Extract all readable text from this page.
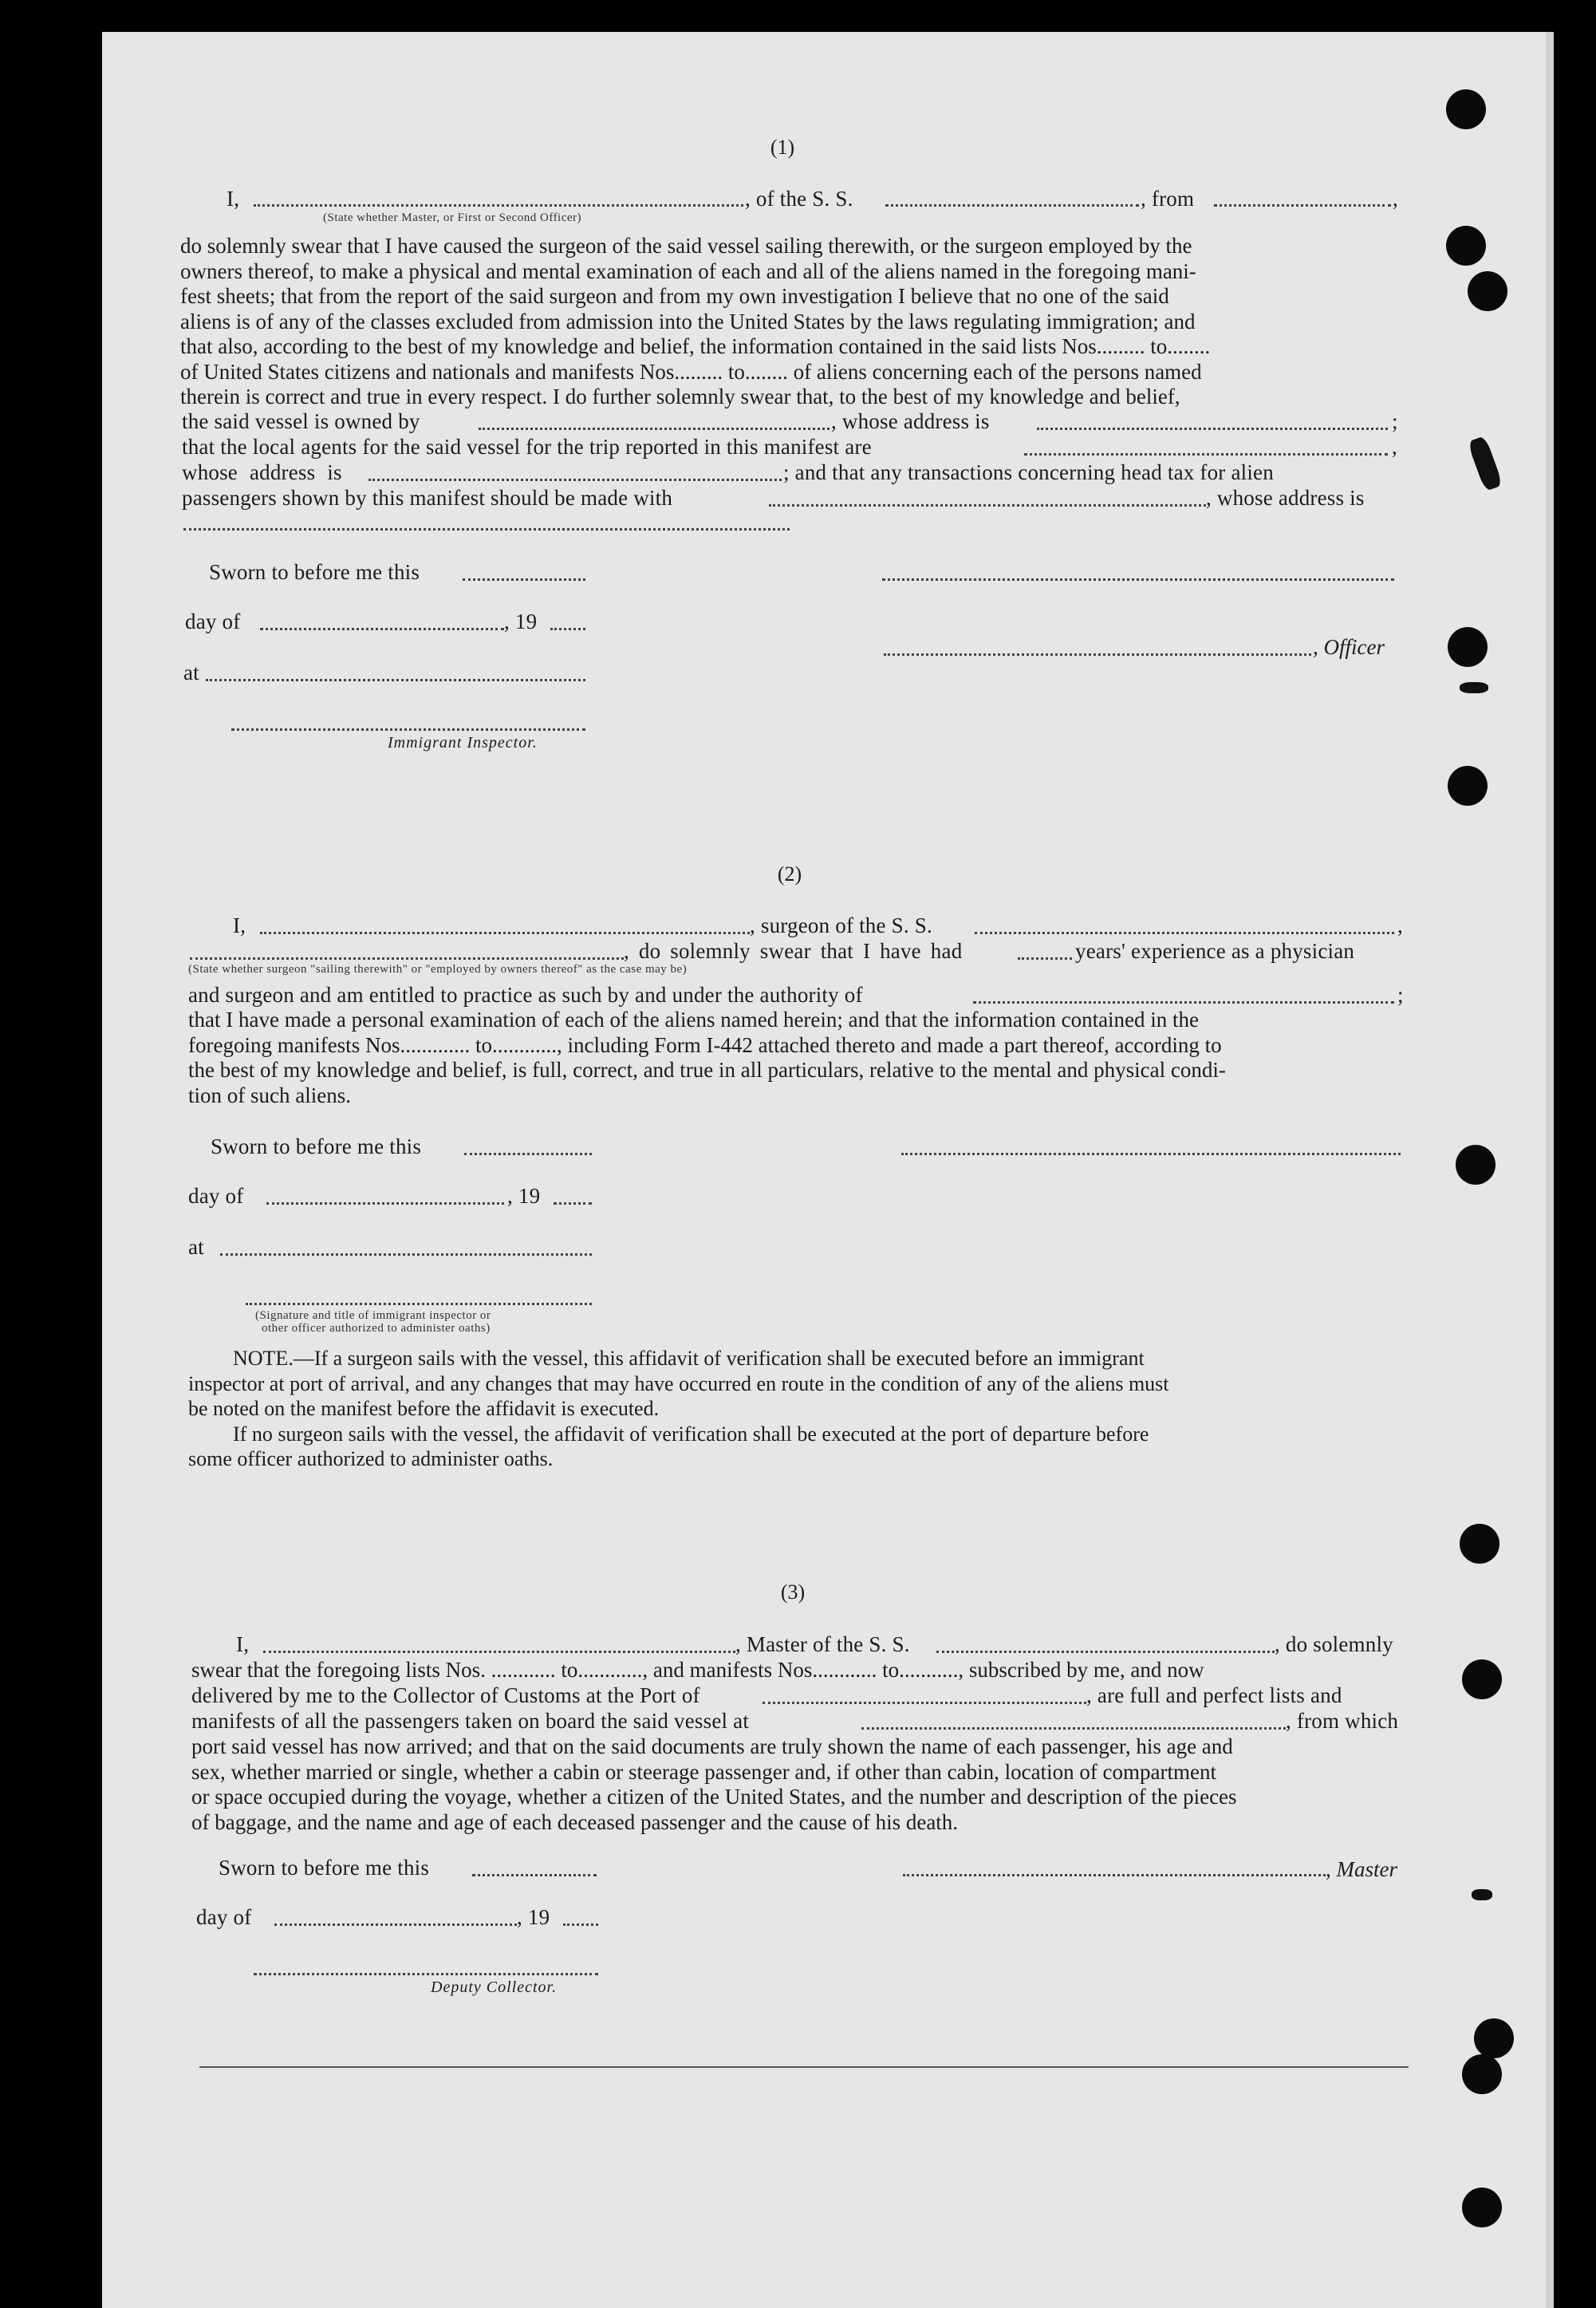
(1)
I,	, of the S. S.	, from	,
(State whether Master, or First or Second Officer)
do solemnly swear that I have caused the surgeon of the said vessel sailing therewith, or the surgeon employed by the
owners thereof, to make a physical and mental examination of each and all of the aliens named in the foregoing mani-
fest sheets; that from the report of the said surgeon and from my own investigation I believe that no one of the said
aliens is of any of the classes excluded from admission into the United States by the laws regulating immigration; and
that also, according to the best of my knowledge and belief, the information contained in the said lists Nos......... to........
of United States citizens and nationals and manifests Nos......... to........ of aliens concerning each of the persons named
therein is correct and true in every respect. I do further solemnly swear that, to the best of my knowledge and belief,
the said vessel is owned by	, whose address is	;
that the local agents for the said vessel for the trip reported in this manifest are	,
whose address is	; and that any transactions concerning head tax for alien
passengers shown by this manifest should be made with	, whose address is
Sworn to before me this
day of	, 19
, Officer
at
Immigrant Inspector.
(2)
I,	, surgeon of the S. S.	,
, do solemnly swear that I have had	years' experience as a physician
(State whether surgeon "sailing therewith" or "employed by owners thereof" as the case may be)
and surgeon and am entitled to practice as such by and under the authority of	;
that I have made a personal examination of each of the aliens named herein; and that the information contained in the
foregoing manifests Nos............. to............, including Form I-442 attached thereto and made a part thereof, according to
the best of my knowledge and belief, is full, correct, and true in all particulars, relative to the mental and physical condi-
tion of such aliens.
Sworn to before me this
day of	, 19
at
(Signature and title of immigrant inspector or
other officer authorized to administer oaths)
NOTE.—If a surgeon sails with the vessel, this affidavit of verification shall be executed before an immigrant
inspector at port of arrival, and any changes that may have occurred en route in the condition of any of the aliens must
be noted on the manifest before the affidavit is executed.
If no surgeon sails with the vessel, the affidavit of verification shall be executed at the port of departure before
some officer authorized to administer oaths.
(3)
I,	, Master of the S. S.	, do solemnly
swear that the foregoing lists Nos. ............ to............, and manifests Nos............ to..........., subscribed by me, and now
delivered by me to the Collector of Customs at the Port of	, are full and perfect lists and
manifests of all the passengers taken on board the said vessel at	, from which
port said vessel has now arrived; and that on the said documents are truly shown the name of each passenger, his age and
sex, whether married or single, whether a cabin or steerage passenger and, if other than cabin, location of compartment
or space occupied during the voyage, whether a citizen of the United States, and the number and description of the pieces
of baggage, and the name and age of each deceased passenger and the cause of his death.
Sworn to before me this	, Master
day of	, 19
Deputy Collector.
